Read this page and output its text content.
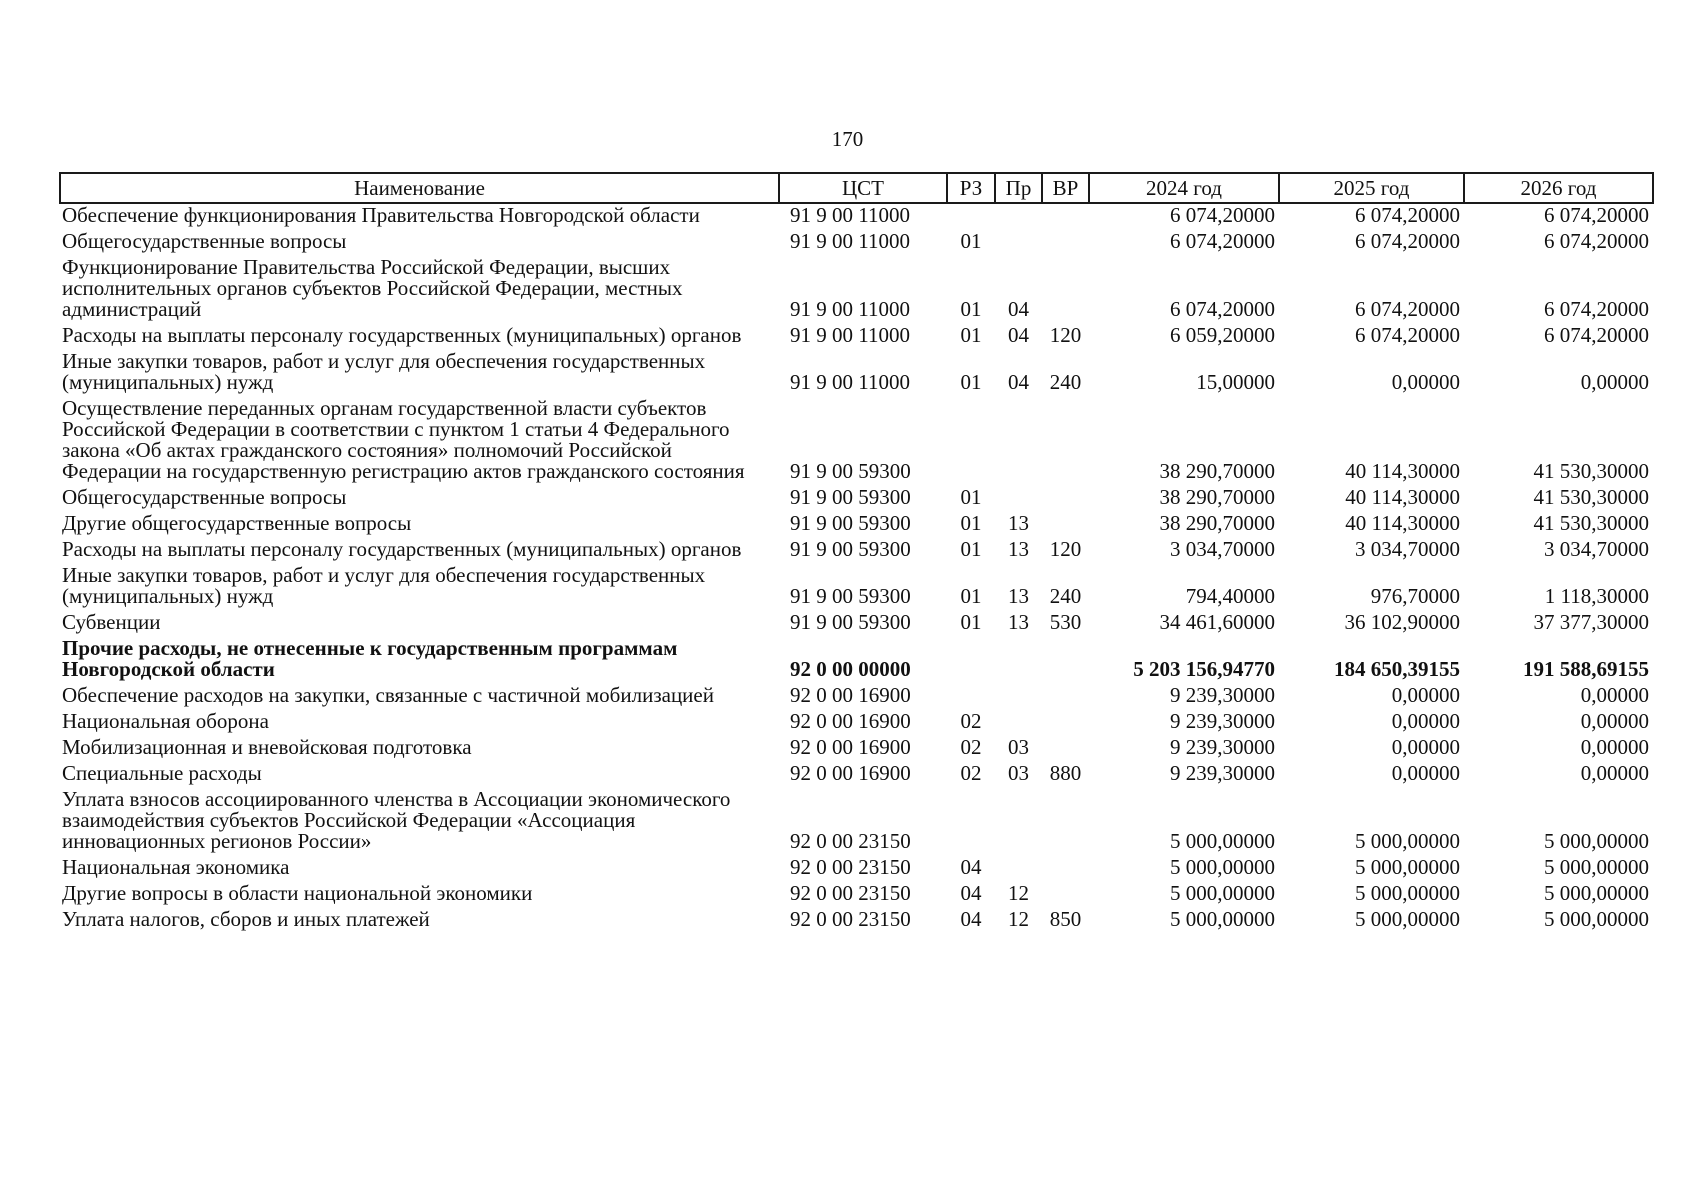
170
Наименование	ЦСТ	РЗ	Пр	ВР	2024 год	2025 год	2026 год
Обеспечение функционирования Правительства Новгородской области	91 9 00 11000				6 074,20000	6 074,20000	6 074,20000
Общегосударственные вопросы	91 9 00 11000	01			6 074,20000	6 074,20000	6 074,20000
Функционирование Правительства Российской Федерации, высших исполнительных органов субъектов Российской Федерации, местных администраций	91 9 00 11000	01	04		6 074,20000	6 074,20000	6 074,20000
Расходы на выплаты персоналу государственных (муниципальных) органов	91 9 00 11000	01	04	120	6 059,20000	6 074,20000	6 074,20000
Иные закупки товаров, работ и услуг для обеспечения государственных (муниципальных) нужд	91 9 00 11000	01	04	240	15,00000	0,00000	0,00000
Осуществление переданных органам государственной власти субъектов Российской Федерации в соответствии с пунктом 1 статьи 4 Федерального закона «Об актах гражданского состояния» полномочий Российской Федерации на государственную регистрацию актов гражданского состояния	91 9 00 59300				38 290,70000	40 114,30000	41 530,30000
Общегосударственные вопросы	91 9 00 59300	01			38 290,70000	40 114,30000	41 530,30000
Другие общегосударственные вопросы	91 9 00 59300	01	13		38 290,70000	40 114,30000	41 530,30000
Расходы на выплаты персоналу государственных (муниципальных) органов	91 9 00 59300	01	13	120	3 034,70000	3 034,70000	3 034,70000
Иные закупки товаров, работ и услуг для обеспечения государственных (муниципальных) нужд	91 9 00 59300	01	13	240	794,40000	976,70000	1 118,30000
Субвенции	91 9 00 59300	01	13	530	34 461,60000	36 102,90000	37 377,30000
Прочие расходы, не отнесенные к государственным программам Новгородской области	92 0 00 00000				5 203 156,94770	184 650,39155	191 588,69155
Обеспечение расходов на закупки, связанные с частичной мобилизацией	92 0 00 16900				9 239,30000	0,00000	0,00000
Национальная оборона	92 0 00 16900	02			9 239,30000	0,00000	0,00000
Мобилизационная и вневойсковая подготовка	92 0 00 16900	02	03		9 239,30000	0,00000	0,00000
Специальные расходы	92 0 00 16900	02	03	880	9 239,30000	0,00000	0,00000
Уплата взносов ассоциированного членства в Ассоциации экономического взаимодействия субъектов Российской Федерации «Ассоциация инновационных регионов России»	92 0 00 23150				5 000,00000	5 000,00000	5 000,00000
Национальная экономика	92 0 00 23150	04			5 000,00000	5 000,00000	5 000,00000
Другие вопросы в области национальной экономики	92 0 00 23150	04	12		5 000,00000	5 000,00000	5 000,00000
Уплата налогов, сборов и иных платежей	92 0 00 23150	04	12	850	5 000,00000	5 000,00000	5 000,00000
